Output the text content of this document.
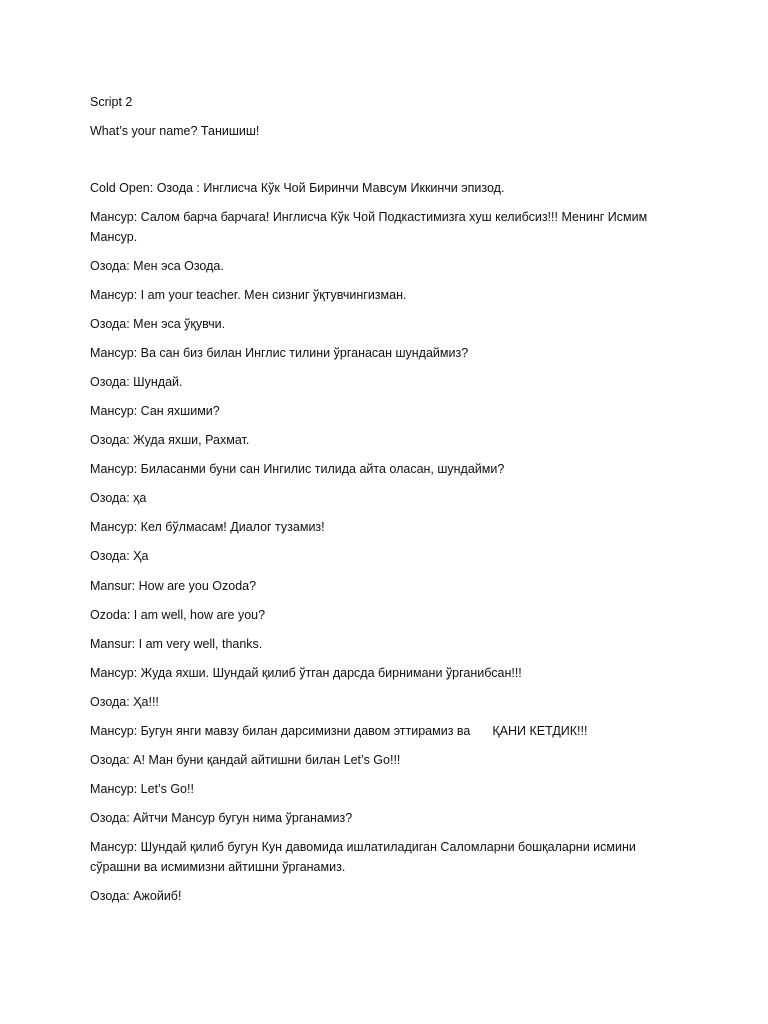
Script 2

What’s your name? Танишиш!

Cold Open: Озода : Инглисча Кўк Чой Биринчи Мавсум Иккинчи эпизод.

Мансур: Салом барча барчага! Инглисча Кўк Чой Подкастимизга хуш келибсиз!!! Менинг Исмим Мансур.

Озода: Мен эса Озода.

Мансур: I am your teacher. Мен сизниг ўқтувчингизман.

Озода: Мен эса ўқувчи.

Мансур: Ва сан биз билан Инглис тилини ўрганасан шундаймиз?

Озода: Шундай.

Мансур: Сан яхшими?

Озода: Жуда яхши, Рахмат.

Мансур: Биласанми буни сан Ингилис тилида айта оласан, шундайми?

Озода: ҳа

Мансур: Кел бўлмасам! Диалог тузамиз!

Озода: Ҳа

Mansur: How are you Ozoda?

Ozoda: I am well, how are you?

Mansur: I am very well, thanks.

Мансур: Жуда яхши. Шундай қилиб ўтган дарсда бирнимани ўрганибсан!!!

Озода: Ҳа!!!

Мансур: Бугун янги мавзу билан дарсимизни давом эттирамиз ва ҚАНИ КЕТДИК!!!

Озода: А! Ман буни қандай айтишни билан Let’s Go!!!

Мансур: Let’s Go!!

Озода: Айтчи Мансур бугун нима ўрганамиз?

Мансур: Шундай қилиб бугун Кун давомида ишлатиладиган Саломларни бошқаларни исмини сўрашни ва исмимизни айтишни ўрганамиз.

Озода: Ажойиб!
